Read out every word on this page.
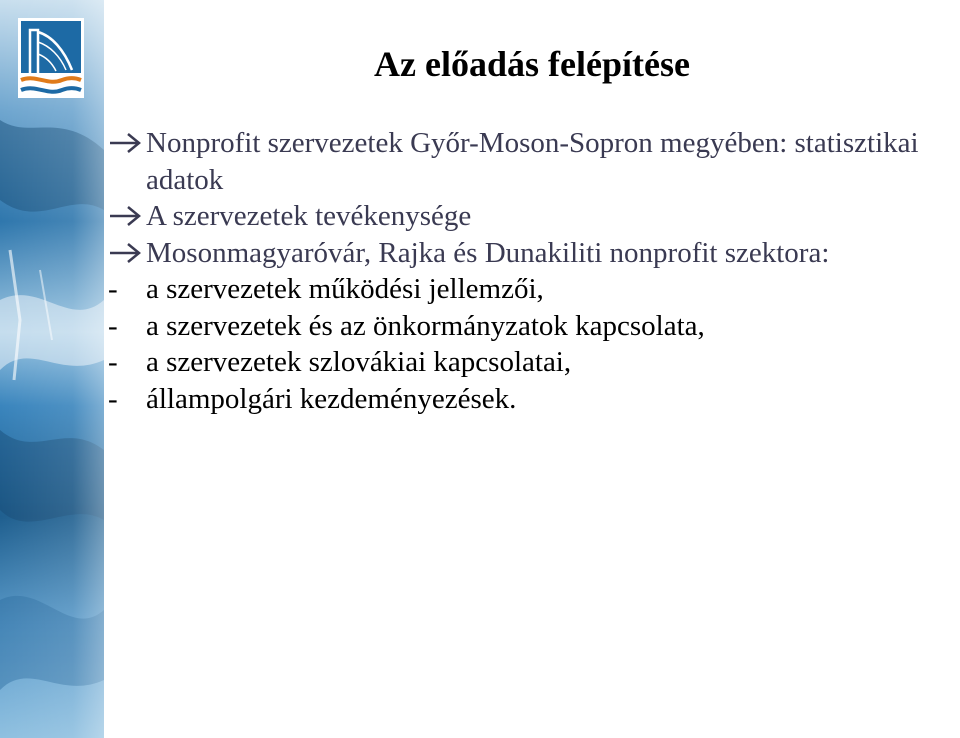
Az előadás felépítése
Nonprofit szervezetek Győr-Moson-Sopron megyében: statisztikai adatok
A szervezetek tevékenysége
Mosonmagyaróvár, Rajka és Dunakiliti nonprofit szektora:
- a szervezetek működési jellemzői,
- a szervezetek és az önkormányzatok kapcsolata,
- a szervezetek szlovákiai kapcsolatai,
- állampolgári kezdeményezések.
